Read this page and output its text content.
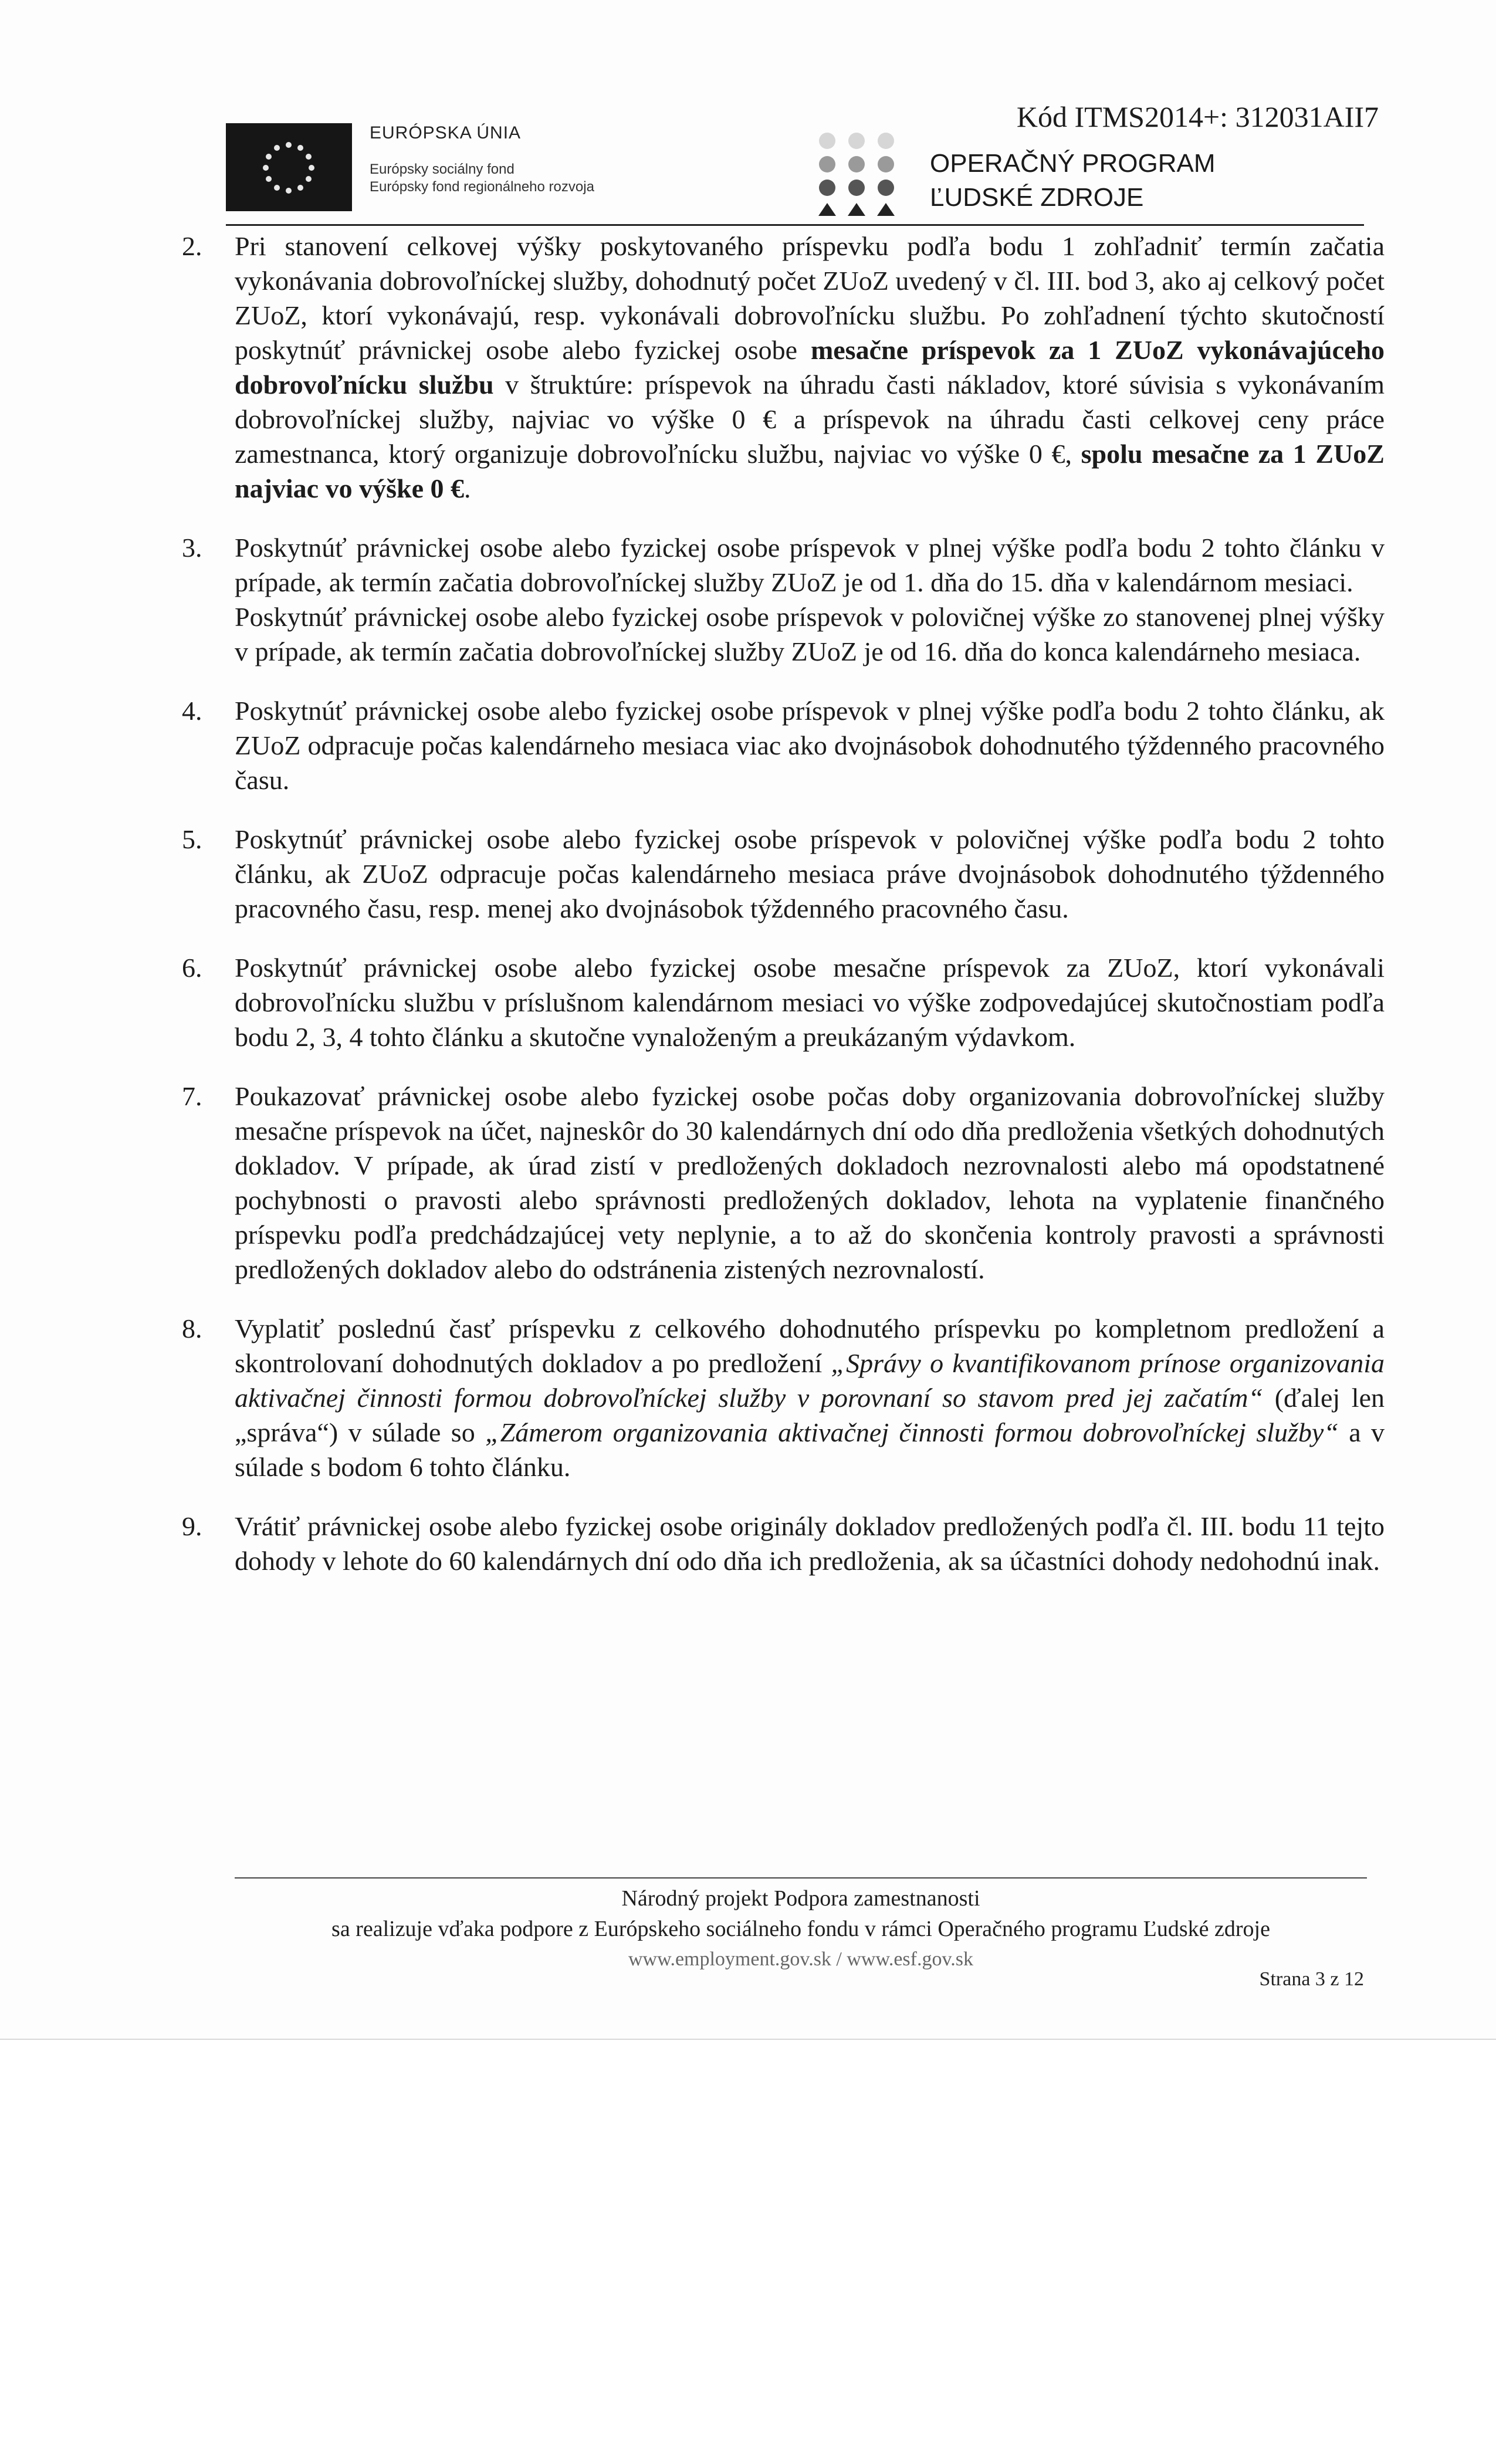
EURÓPSKA ÚNIA
Európsky sociálny fond
Európsky fond regionálneho rozvoja
OPERAČNÝ PROGRAM
ĽUDSKÉ ZDROJE
Kód ITMS2014+: 312031AII7
2. Pri stanovení celkovej výšky poskytovaného príspevku podľa bodu 1 zohľadniť termín začatia vykonávania dobrovoľníckej služby, dohodnutý počet ZUoZ uvedený v čl. III. bod 3, ako aj celkový počet ZUoZ, ktorí vykonávajú, resp. vykonávali dobrovoľnícku službu. Po zohľadnení týchto skutočností poskytnúť právnickej osobe alebo fyzickej osobe mesačne príspevok za 1 ZUoZ vykonávajúceho dobrovoľnícku službu v štruktúre: príspevok na úhradu časti nákladov, ktoré súvisia s vykonávaním dobrovoľníckej služby, najviac vo výške 0 € a príspevok na úhradu časti celkovej ceny práce zamestnanca, ktorý organizuje dobrovoľnícku službu, najviac vo výške 0 €, spolu mesačne za 1 ZUoZ najviac vo výške 0 €.

3. Poskytnúť právnickej osobe alebo fyzickej osobe príspevok v plnej výške podľa bodu 2 tohto článku v prípade, ak termín začatia dobrovoľníckej služby ZUoZ je od 1. dňa do 15. dňa v kalendárnom mesiaci.

Poskytnúť právnickej osobe alebo fyzickej osobe príspevok v polovičnej výške zo stanovenej plnej výšky v prípade, ak termín začatia dobrovoľníckej služby ZUoZ je od 16. dňa do konca kalendárneho mesiaca.

4. Poskytnúť právnickej osobe alebo fyzickej osobe príspevok v plnej výške podľa bodu 2 tohto článku, ak ZUoZ odpracuje počas kalendárneho mesiaca viac ako dvojnásobok dohodnutého týždenného pracovného času.

5. Poskytnúť právnickej osobe alebo fyzickej osobe príspevok v polovičnej výške podľa bodu 2 tohto článku, ak ZUoZ odpracuje počas kalendárneho mesiaca práve dvojnásobok dohodnutého týždenného pracovného času, resp. menej ako dvojnásobok týždenného pracovného času.

6. Poskytnúť právnickej osobe alebo fyzickej osobe mesačne príspevok za ZUoZ, ktorí vykonávali dobrovoľnícku službu v príslušnom kalendárnom mesiaci vo výške zodpovedajúcej skutočnostiam podľa bodu 2, 3, 4 tohto článku a skutočne vynaloženým a preukázaným výdavkom.

7. Poukazovať právnickej osobe alebo fyzickej osobe počas doby organizovania dobrovoľníckej služby mesačne príspevok na účet, najneskôr do 30 kalendárnych dní odo dňa predloženia všetkých dohodnutých dokladov. V prípade, ak úrad zistí v predložených dokladoch nezrovnalosti alebo má opodstatnené pochybnosti o pravosti alebo správnosti predložených dokladov, lehota na vyplatenie finančného príspevku podľa predchádzajúcej vety neplynie, a to až do skončenia kontroly pravosti a správnosti predložených dokladov alebo do odstránenia zistených nezrovnalostí.

8. Vyplatiť poslednú časť príspevku z celkového dohodnutého príspevku po kompletnom predložení a skontrolovaní dohodnutých dokladov a po predložení „Správy o kvantifikovanom prínose organizovania aktivačnej činnosti formou dobrovoľníckej služby v porovnaní so stavom pred jej začatím“ (ďalej len „správa“) v súlade so „Zámerom organizovania aktivačnej činnosti formou dobrovoľníckej služby“ a v súlade s bodom 6 tohto článku.

9. Vrátiť právnickej osobe alebo fyzickej osobe originály dokladov predložených podľa čl. III. bodu 11 tejto dohody v lehote do 60 kalendárnych dní odo dňa ich predloženia, ak sa účastníci dohody nedohodnú inak.

Národný projekt Podpora zamestnanosti
sa realizuje vďaka podpore z Európskeho sociálneho fondu v rámci Operačného programu Ľudské zdroje
www.employment.gov.sk / www.esf.gov.sk
Strana 3 z 12
